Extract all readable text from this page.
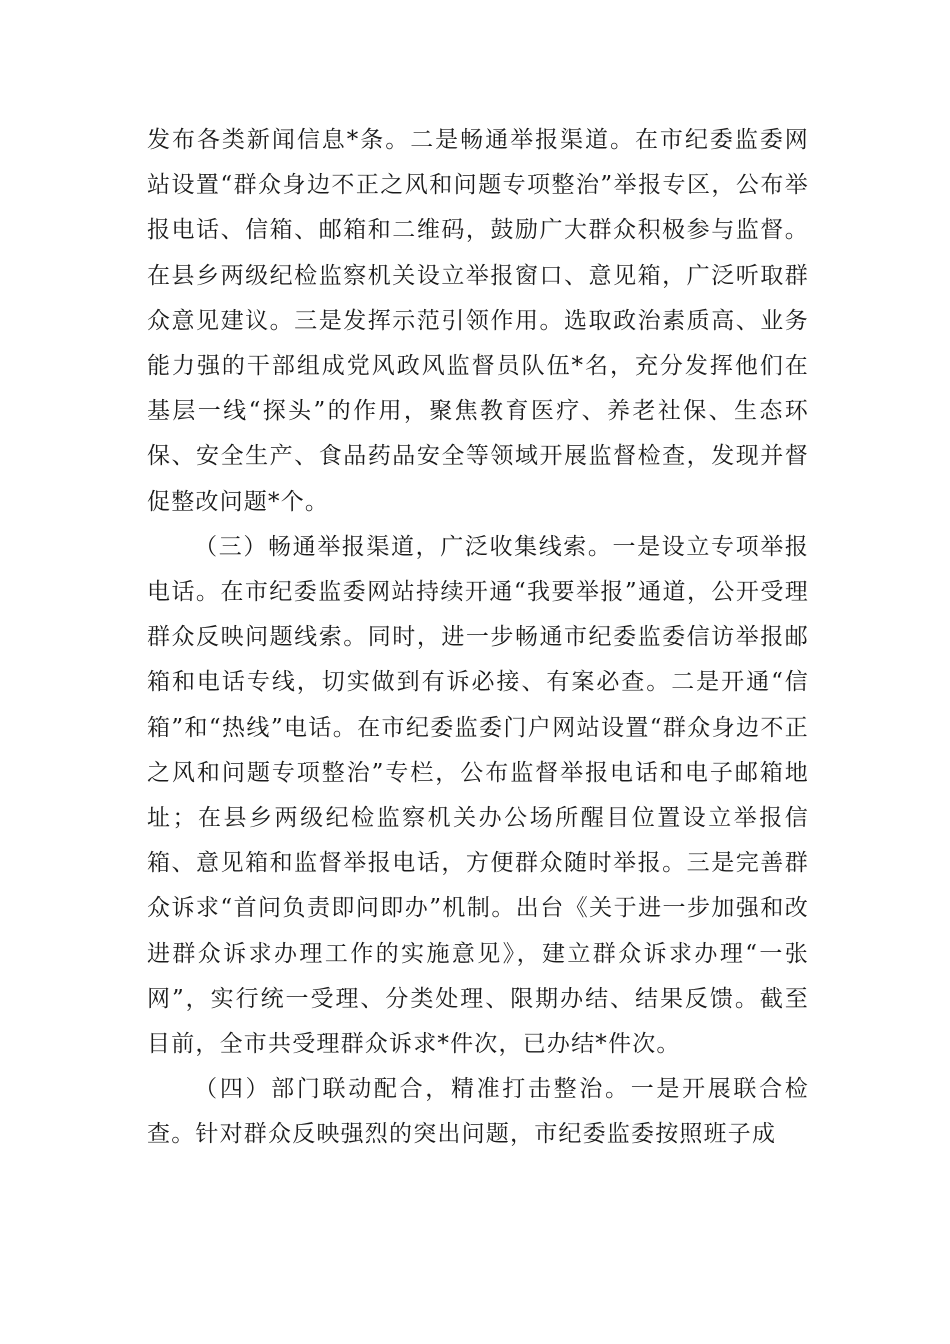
发布各类新闻信息*条。二是畅通举报渠道。在市纪委监委网站设置“群众身边不正之风和问题专项整治”举报专区，公布举报电话、信箱、邮箱和二维码，鼓励广大群众积极参与监督。在县乡两级纪检监察机关设立举报窗口、意见箱，广泛听取群众意见建议。三是发挥示范引领作用。选取政治素质高、业务能力强的干部组成党风政风监督员队伍*名，充分发挥他们在基层一线“探头”的作用，聚焦教育医疗、养老社保、生态环保、安全生产、食品药品安全等领域开展监督检查，发现并督促整改问题*个。

（三）畅通举报渠道，广泛收集线索。一是设立专项举报电话。在市纪委监委网站持续开通“我要举报”通道，公开受理群众反映问题线索。同时，进一步畅通市纪委监委信访举报邮箱和电话专线，切实做到有诉必接、有案必查。二是开通“信箱”和“热线”电话。在市纪委监委门户网站设置“群众身边不正之风和问题专项整治”专栏，公布监督举报电话和电子邮箱地址；在县乡两级纪检监察机关办公场所醒目位置设立举报信箱、意见箱和监督举报电话，方便群众随时举报。三是完善群众诉求“首问负责即问即办”机制。出台《关于进一步加强和改进群众诉求办理工作的实施意见》，建立群众诉求办理“一张网”，实行统一受理、分类处理、限期办结、结果反馈。截至目前，全市共受理群众诉求*件次，已办结*件次。

（四）部门联动配合，精准打击整治。一是开展联合检查。针对群众反映强烈的突出问题，市纪委监委按照班子成
